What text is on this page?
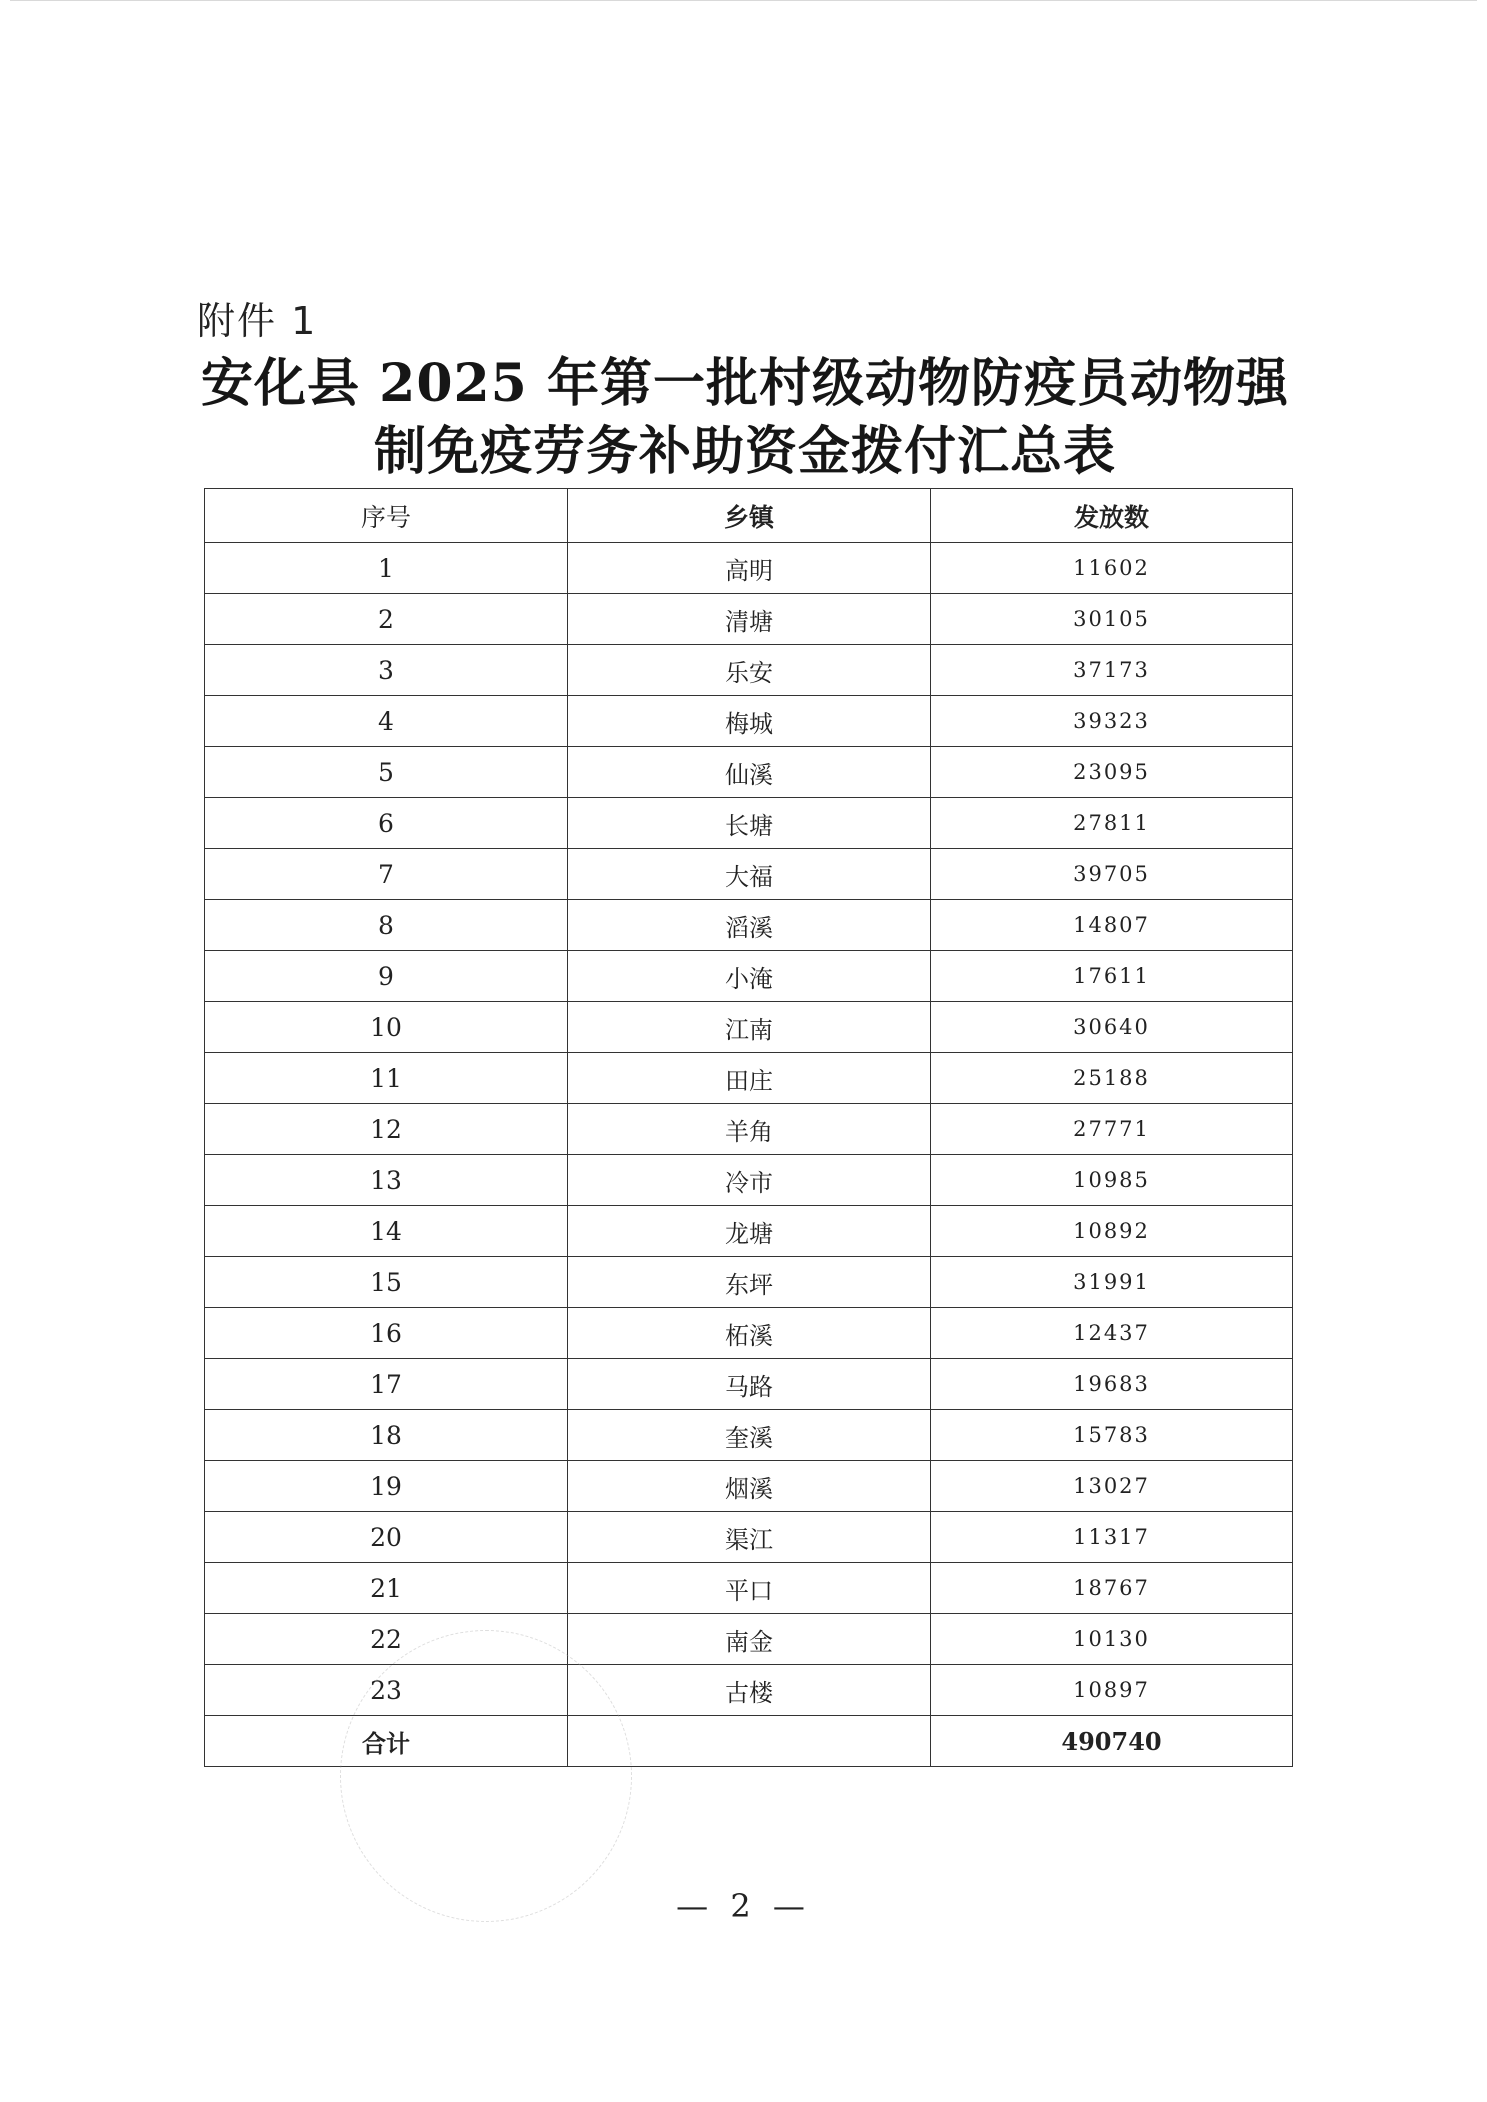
附件 1
安化县 2025 年第一批村级动物防疫员动物强
制免疫劳务补助资金拨付汇总表
序号	乡镇	发放数
1	高明	11602
2	清塘	30105
3	乐安	37173
4	梅城	39323
5	仙溪	23095
6	长塘	27811
7	大福	39705
8	滔溪	14807
9	小淹	17611
10	江南	30640
11	田庄	25188
12	羊角	27771
13	冷市	10985
14	龙塘	10892
15	东坪	31991
16	柘溪	12437
17	马路	19683
18	奎溪	15783
19	烟溪	13027
20	渠江	11317
21	平口	18767
22	南金	10130
23	古楼	10897
合计		490740
— 2 —
